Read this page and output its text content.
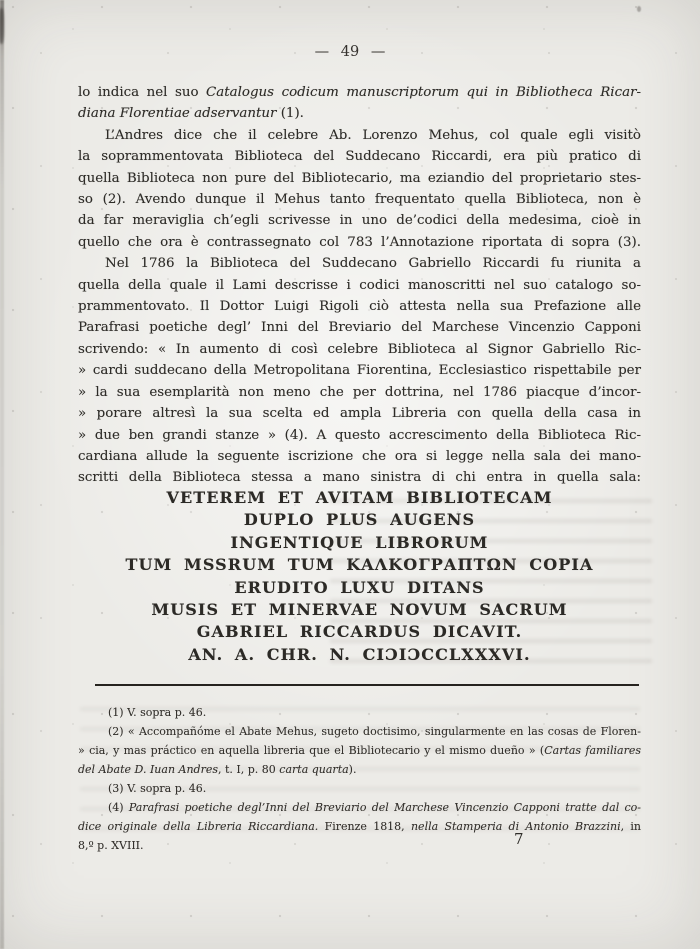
— 49 —
lo indica nel suo Catalogus codicum manuscriptorum qui in Bibliotheca Ricar-
diana Florentiae adservantur (1).
L’Andres dice che il celebre Ab. Lorenzo Mehus, col quale egli visitò
la soprammentovata Biblioteca del Suddecano Riccardi, era più pratico di
quella Biblioteca non pure del Bibliotecario, ma eziandio del proprietario stes-
so (2). Avendo dunque il Mehus tanto frequentato quella Biblioteca, non è
da far meraviglia ch’egli scrivesse in uno de’codici della medesima, cioè in
quello che ora è contrassegnato col 783 l’Annotazione riportata di sopra (3).
Nel 1786 la Biblioteca del Suddecano Gabriello Riccardi fu riunita a
quella della quale il Lami descrisse i codici manoscritti nel suo catalogo so-
prammentovato. Il Dottor Luigi Rigoli ciò attesta nella sua Prefazione alle
Parafrasi poetiche degl’ Inni del Breviario del Marchese Vincenzio Capponi
scrivendo: « In aumento di così celebre Biblioteca al Signor Gabriello Ric-
» cardi suddecano della Metropolitana Fiorentina, Ecclesiastico rispettabile per
» la sua esemplarità non meno che per dottrina, nel 1786 piacque d’incor-
» porare altresì la sua scelta ed ampla Libreria con quella della casa in
» due ben grandi stanze » (4). A questo accrescimento della Biblioteca Ric-
cardiana allude la seguente iscrizione che ora si legge nella sala dei mano-
scritti della Biblioteca stessa a mano sinistra di chi entra in quella sala:
VETEREM ET AVITAM BIBLIOTECAM
DUPLO PLUS AUGENS
INGENTIQUE LIBRORUM
TUM MSSRUM TUM ΚΑΛΚΟΓΡΑΠΤΩΝ COPIA
ERUDITO LUXU DITANS
MUSIS ET MINERVAE NOVUM SACRUM
GABRIEL RICCARDUS DICAVIT.
AN. A. CHR. N. CIƆIƆCCLXXXVI.
(1) V. sopra p. 46.
(2) « Accompañóme el Abate Mehus, sugeto doctisimo, singularmente en las cosas de Floren-
» cia, y mas práctico en aquella libreria que el Bibliotecario y el mismo dueño » (Cartas familiares
del Abate D. Iuan Andres, t. I, p. 80 carta quarta).
(3) V. sopra p. 46.
(4) Parafrasi poetiche degl’Inni del Breviario del Marchese Vincenzio Capponi tratte dal co-
dice originale della Libreria Riccardiana. Firenze 1818, nella Stamperia di Antonio Brazzini, in
8,º p. XVIII.	7
